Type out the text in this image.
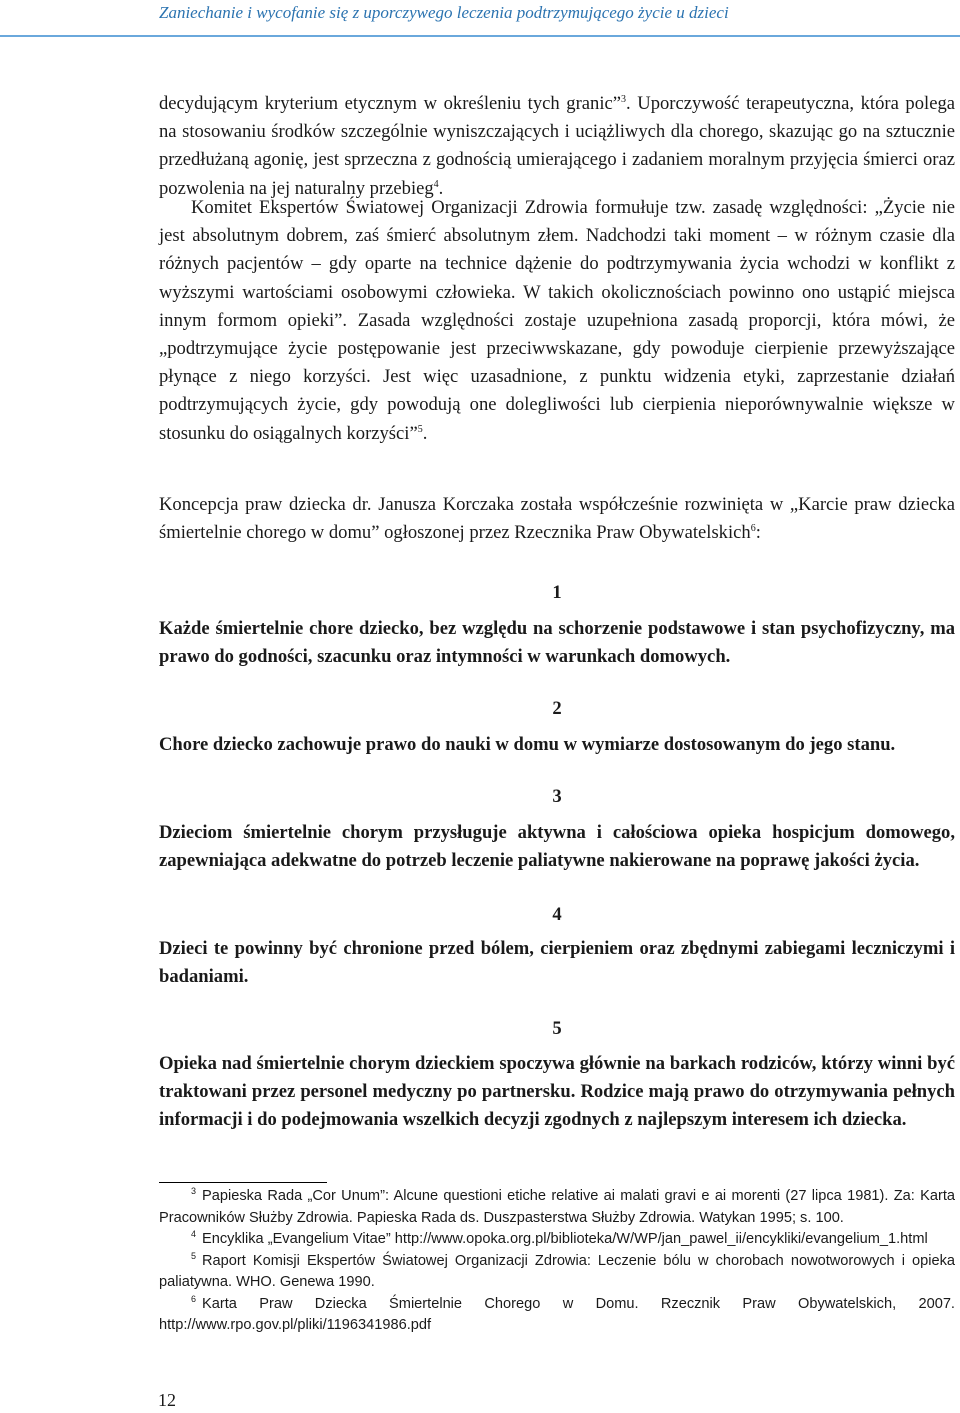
Zaniechanie i wycofanie się z uporczywego leczenia podtrzymującego życie u dzieci

decydującym kryterium etycznym w określeniu tych granic”$^3$. Uporczywość terapeutyczna, która polega na stosowaniu środków szczególnie wyniszczających i uciążliwych dla chorego, skazując go na sztucznie przedłużaną agonię, jest sprzeczna z godnością umierającego i zadaniem moralnym przyjęcia śmierci oraz pozwolenia na jej naturalny przebieg$^4$.

Komitet Ekspertów Światowej Organizacji Zdrowia formułuje tzw. zasadę względności: „Życie nie jest absolutnym dobrem, zaś śmierć absolutnym złem. Nadchodzi taki moment – w różnym czasie dla różnych pacjentów – gdy oparte na technice dążenie do podtrzymywania życia wchodzi w konflikt z wyższymi wartościami osobowymi człowieka. W takich okolicznościach powinno ono ustąpić miejsca innym formom opieki”. Zasada względności zostaje uzupełniona zasadą proporcji, która mówi, że „podtrzymujące życie postępowanie jest przeciwwskazane, gdy powoduje cierpienie przewyższające płynące z niego korzyści. Jest więc uzasadnione, z punktu widzenia etyki, zaprzestanie działań podtrzymujących życie, gdy powodują one dolegliwości lub cierpienia nieporównywalnie większe w stosunku do osiągalnych korzyści”$^5$.

Koncepcja praw dziecka dr. Janusza Korczaka została współcześnie rozwinięta w „Karcie praw dziecka śmiertelnie chorego w domu” ogłoszonej przez Rzecznika Praw Obywatelskich$^6$:

1

Każde śmiertelnie chore dziecko, bez względu na schorzenie podstawowe i stan psychofizyczny, ma prawo do godności, szacunku oraz intymności w warunkach domowych.

2

Chore dziecko zachowuje prawo do nauki w domu w wymiarze dostosowanym do jego stanu.

3

Dzieciom śmiertelnie chorym przysługuje aktywna i całościowa opieka hospicjum domowego, zapewniająca adekwatne do potrzeb leczenie paliatywne nakierowane na poprawę jakości życia.

4

Dzieci te powinny być chronione przed bólem, cierpieniem oraz zbędnymi zabiegami leczniczymi i badaniami.

5

Opieka nad śmiertelnie chorym dzieckiem spoczywa głównie na barkach rodziców, którzy winni być traktowani przez personel medyczny po partnersku. Rodzice mają prawo do otrzymywania pełnych informacji i do podejmowania wszelkich decyzji zgodnych z najlepszym interesem ich dziecka.

$^3$ Papieska Rada „Cor Unum”: Alcune questioni etiche relative ai malati gravi e ai morenti (27 lipca 1981). Za: Karta Pracowników Służby Zdrowia. Papieska Rada ds. Duszpasterstwa Służby Zdrowia. Watykan 1995; s. 100.

$^4$ Encyklika „Evangelium Vitae” http://www.opoka.org.pl/biblioteka/W/WP/jan_pawel_ii/encykliki/evangelium_1.html

$^5$ Raport Komisji Ekspertów Światowej Organizacji Zdrowia: Leczenie bólu w chorobach nowotworowych i opieka paliatywna. WHO. Genewa 1990.

$^6$ Karta Praw Dziecka Śmiertelnie Chorego w Domu. Rzecznik Praw Obywatelskich, 2007. http://www.rpo.gov.pl/pliki/1196341986.pdf

12
